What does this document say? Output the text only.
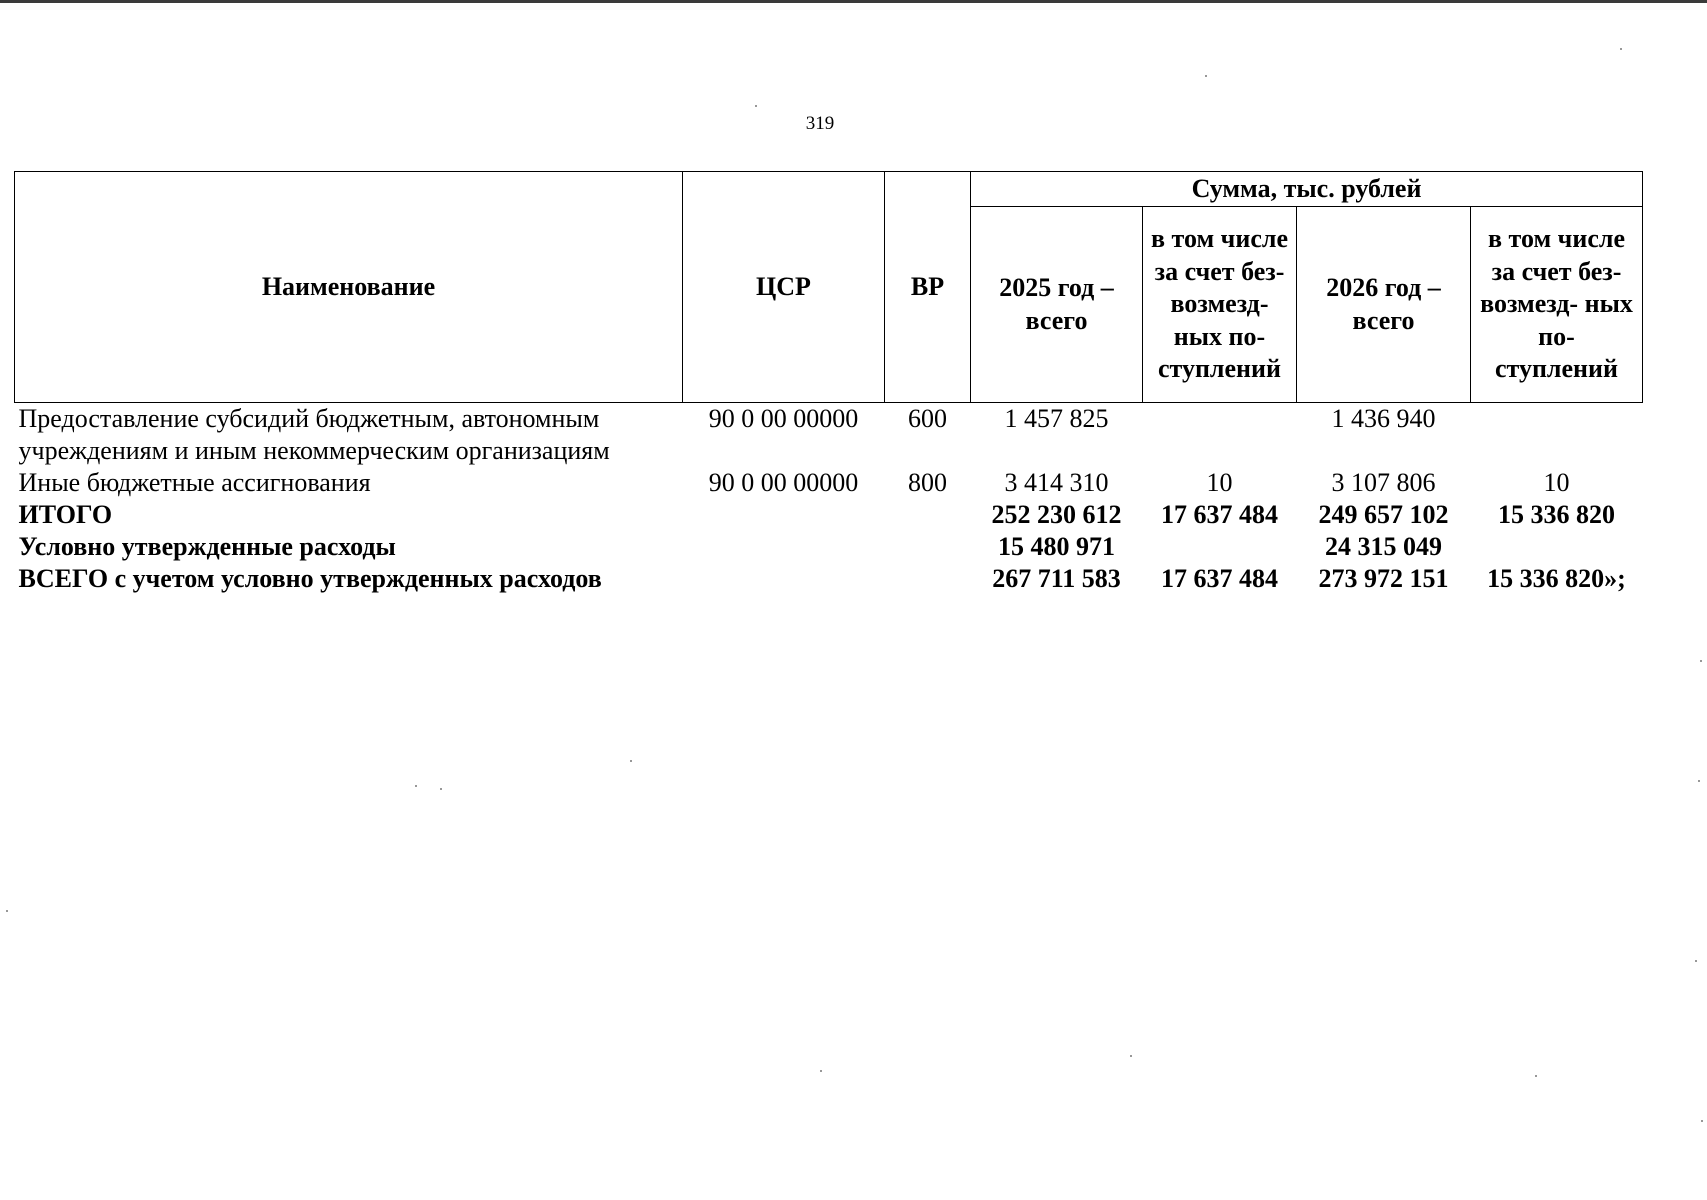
319
Наименование	ЦСР	ВР	Сумма, тыс. рублей			
			2025 год – всего	в том числе за счет без- возмезд- ных по- ступлений	2026 год – всего	в том числе за счет без- возмезд- ных по- ступлений
Предоставление субсидий бюджетным, автономным учреждениям и иным некоммерческим организациям	90 0 00 00000	600	1 457 825		1 436 940	
Иные бюджетные ассигнования	90 0 00 00000	800	3 414 310	10	3 107 806	10
ИТОГО			252 230 612	17 637 484	249 657 102	15 336 820
Условно утвержденные расходы			15 480 971		24 315 049	
ВСЕГО с учетом условно утвержденных расходов			267 711 583	17 637 484	273 972 151	15 336 820»;
